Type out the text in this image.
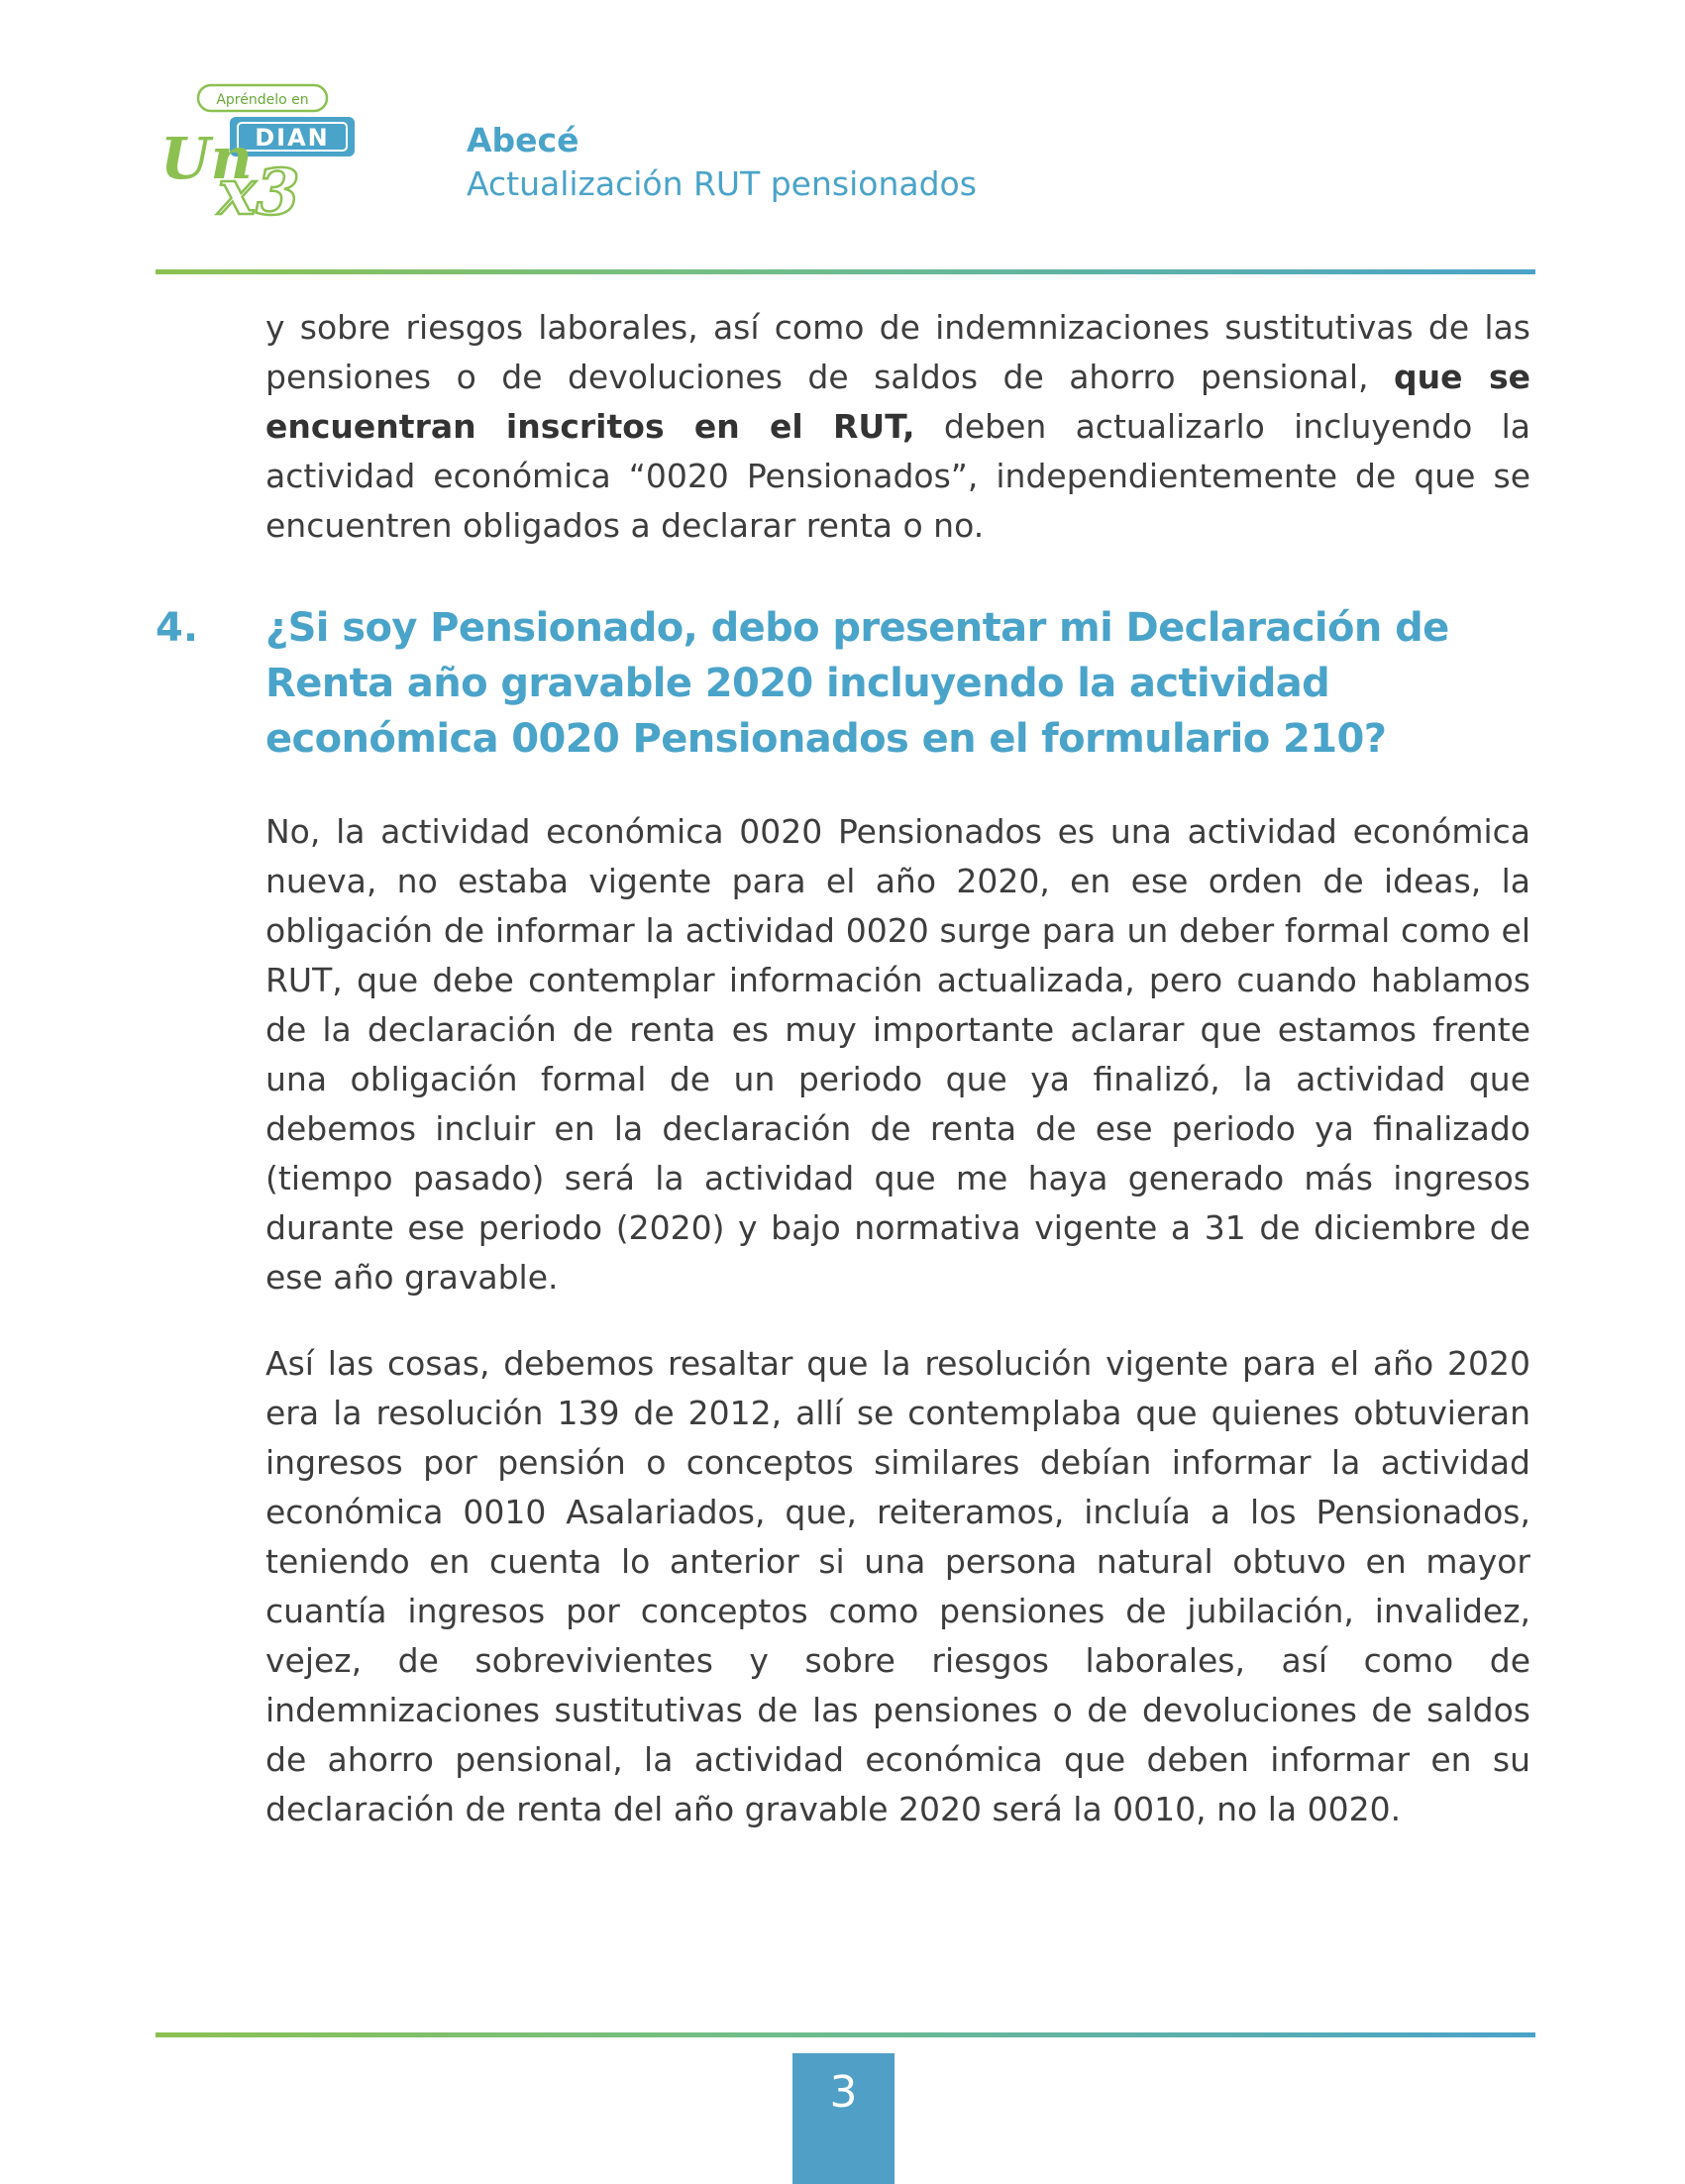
Apréndelo en
DIAN
Un
x3
Abecé
Actualización RUT pensionados

y sobre riesgos laborales, así como de indemnizaciones sustitutivas de las pensiones o de devoluciones de saldos de ahorro pensional, que se encuentran inscritos en el RUT, deben actualizarlo incluyendo la actividad económica “0020 Pensionados”, independientemente de que se encuentren obligados a declarar renta o no.

4. ¿Si soy Pensionado, debo presentar mi Declaración de Renta año gravable 2020 incluyendo la actividad económica 0020 Pensionados en el formulario 210?

No, la actividad económica 0020 Pensionados es una actividad económica nueva, no estaba vigente para el año 2020, en ese orden de ideas, la obligación de informar la actividad 0020 surge para un deber formal como el RUT, que debe contemplar información actualizada, pero cuando hablamos de la declaración de renta es muy importante aclarar que estamos frente una obligación formal de un periodo que ya finalizó, la actividad que debemos incluir en la declaración de renta de ese periodo ya finalizado (tiempo pasado) será la actividad que me haya generado más ingresos durante ese periodo (2020) y bajo normativa vigente a 31 de diciembre de ese año gravable.

Así las cosas, debemos resaltar que la resolución vigente para el año 2020 era la resolución 139 de 2012, allí se contemplaba que quienes obtuvieran ingresos por pensión o conceptos similares debían informar la actividad económica 0010 Asalariados, que, reiteramos, incluía a los Pensionados, teniendo en cuenta lo anterior si una persona natural obtuvo en mayor cuantía ingresos por conceptos como pensiones de jubilación, invalidez, vejez, de sobrevivientes y sobre riesgos laborales, así como de indemnizaciones sustitutivas de las pensiones o de devoluciones de saldos de ahorro pensional, la actividad económica que deben informar en su declaración de renta del año gravable 2020 será la 0010, no la 0020.

3
